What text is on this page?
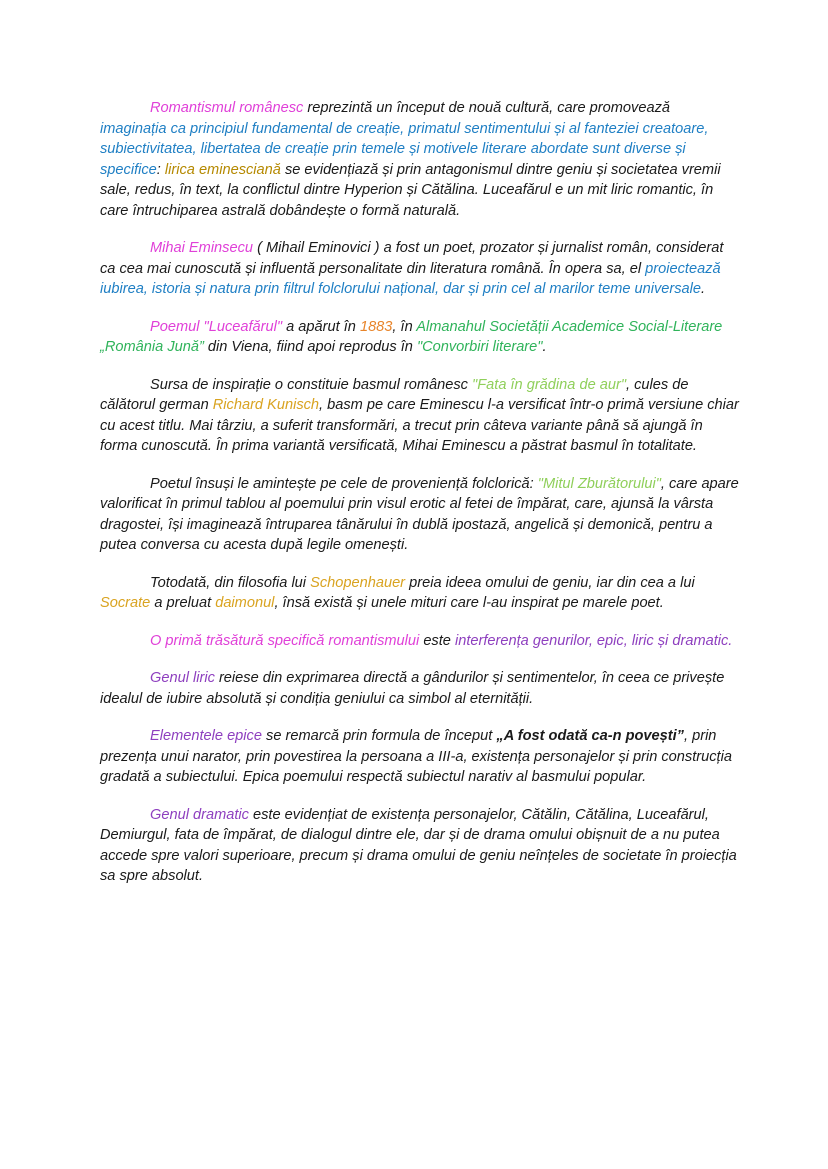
Romantismul românesc reprezintă un început de nouă cultură, care promovează imaginația ca principiul fundamental de creație, primatul sentimentului și al fanteziei creatoare, subiectivitatea, libertatea de creație prin temele și motivele literare abordate sunt diverse și specifice: lirica eminesciană se evidențiază și prin antagonismul dintre geniu și societatea vremii sale, redus, în text, la conflictul dintre Hyperion și Cătălina. Luceafărul e un mit liric romantic, în care întruchiparea astrală dobândește o formă naturală.

Mihai Eminsecu ( Mihail Eminovici ) a fost un poet, prozator și jurnalist român, considerat ca cea mai cunoscută și influentă personalitate din literatura română. În opera sa, el proiectează iubirea, istoria și natura prin filtrul folclorului național, dar și prin cel al marilor teme universale.

Poemul "Luceafărul" a apărut în 1883, în Almanahul Societății Academice Social-Literare „România Jună” din Viena, fiind apoi reprodus în "Convorbiri literare".

Sursa de inspirație o constituie basmul românesc "Fata în grădina de aur", cules de călătorul german Richard Kunisch, basm pe care Eminescu l-a versificat într-o primă versiune chiar cu acest titlu. Mai târziu, a suferit transformări, a trecut prin câteva variante până să ajungă în forma cunoscută. În prima variantă versificată, Mihai Eminescu a păstrat basmul în totalitate.

Poetul însuși le amintește pe cele de proveniență folclorică: "Mitul Zburătorului", care apare valorificat în primul tablou al poemului prin visul erotic al fetei de împărat, care, ajunsă la vârsta dragostei, își imaginează întruparea tânărului în dublă ipostază, angelică și demonică, pentru a putea conversa cu acesta după legile omenești.

Totodată, din filosofia lui Schopenhauer preia ideea omului de geniu, iar din cea a lui Socrate a preluat daimonul, însă există și unele mituri care l-au inspirat pe marele poet.

O primă trăsătură specifică romantismului este interferența genurilor, epic, liric și dramatic.

Genul liric reiese din exprimarea directă a gândurilor și sentimentelor, în ceea ce privește idealul de iubire absolută și condiția geniului ca simbol al eternității.

Elementele epice se remarcă prin formula de început „A fost odată ca-n povești”, prin prezența unui narator, prin povestirea la persoana a III-a, existența personajelor și prin construcția gradată a subiectului. Epica poemului respectă subiectul narativ al basmului popular.

Genul dramatic este evidențiat de existența personajelor, Cătălin, Cătălina, Luceafărul, Demiurgul, fata de împărat, de dialogul dintre ele, dar și de drama omului obișnuit de a nu putea accede spre valori superioare, precum și drama omului de geniu neînțeles de societate în proiecția sa spre absolut.
